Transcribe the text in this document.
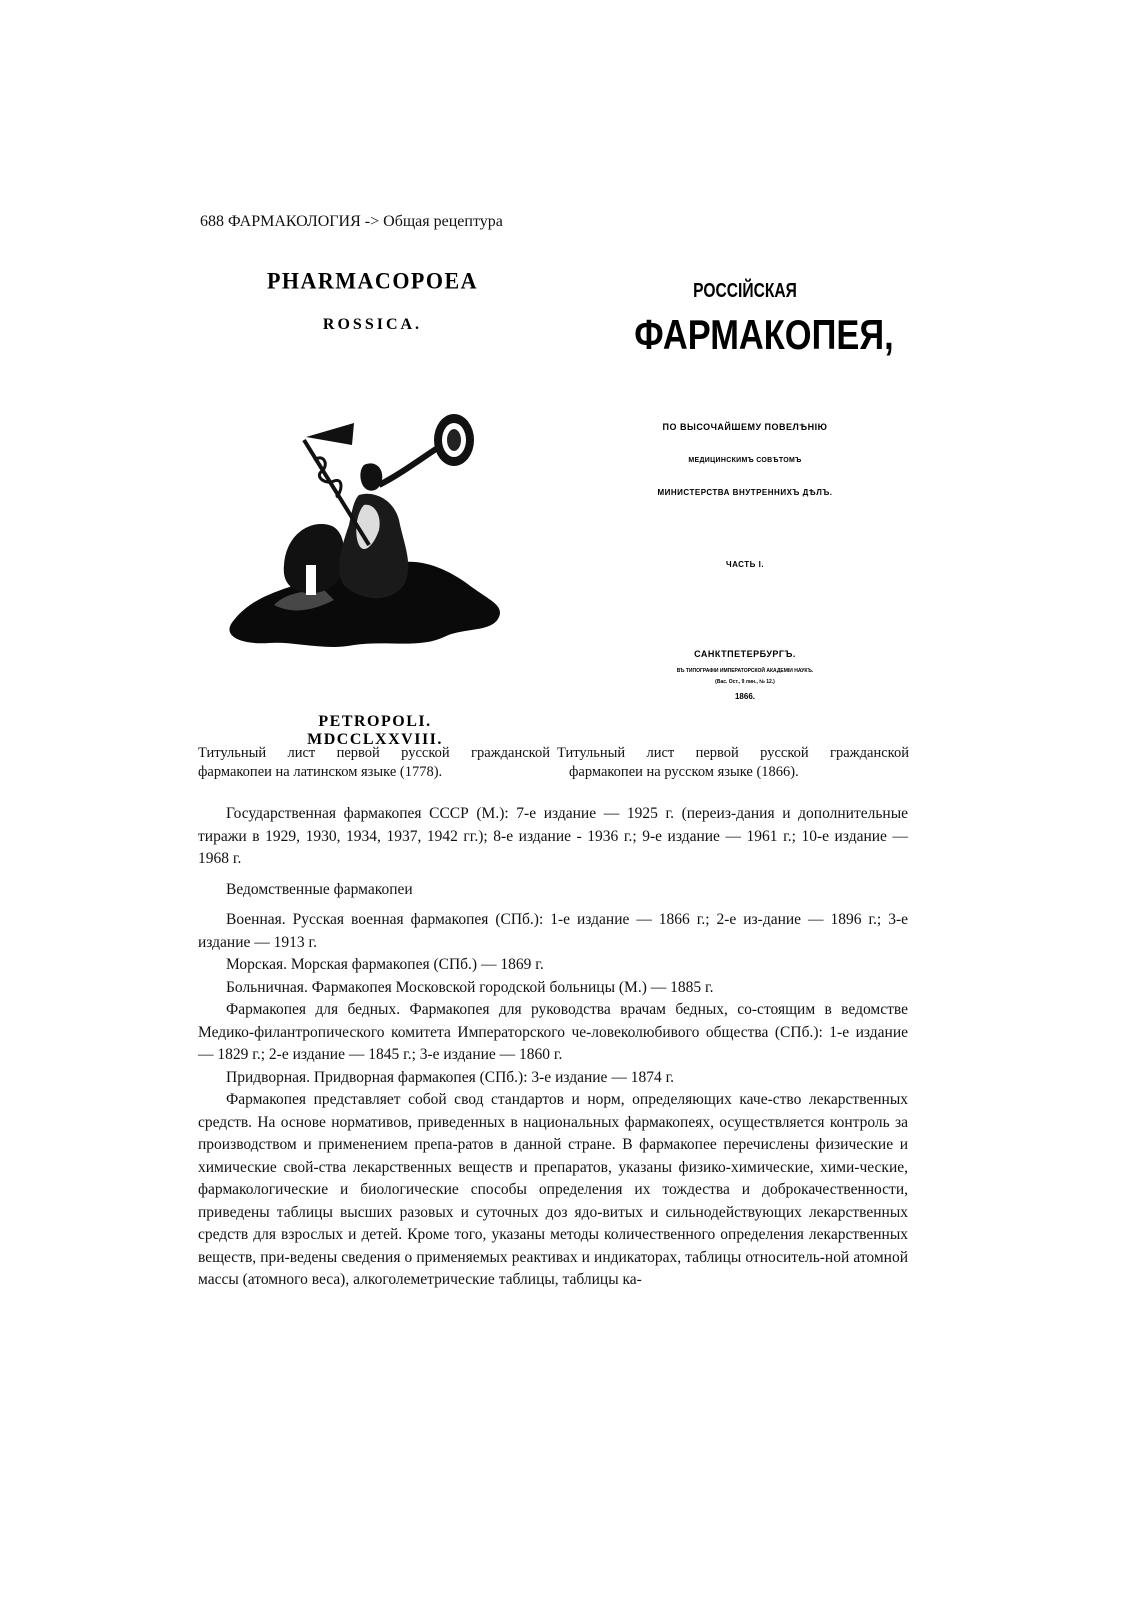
688 ФАРМАКОЛОГИЯ -> Общая рецептура
PHARMACOPOEA
ROSSICA.
PETROPOLI. MDCCLXXVIII.
РОССІЙСКАЯ
ФАРМАКОПЕЯ,
ПО ВЫСОЧАЙШЕМУ ПОВЕЛѢНІЮ
МЕДИЦИНСКИМЪ СОВѢТОМЪ
МИНИСТЕРСТВА ВНУТРЕННИХЪ ДѢЛЪ.
ЧАСТЬ I.
САНКТПЕТЕРБУРГЪ.
ВЪ ТИПОГРАФІИ ИМПЕРАТОРСКОЙ АКАДЕМІИ НАУКЪ.
(Вас. Ост., 9 лин., № 12.)
1866.
Титульный лист первой русской гражданской
фармакопеи на латинском языке (1778).
Титульный лист первой русской гражданской
фармакопеи на русском языке (1866).

Государственная фармакопея СССР (М.): 7-е издание — 1925 г. (переиз-дания и дополнительные тиражи в 1929, 1930, 1934, 1937, 1942 гг.); 8-е издание - 1936 г.; 9-е издание — 1961 г.; 10-е издание — 1968 г.

Ведомственные фармакопеи

Военная. Русская военная фармакопея (СПб.): 1-е издание — 1866 г.; 2-е из-дание — 1896 г.; 3-е издание — 1913 г.

Морская. Морская фармакопея (СПб.) — 1869 г.

Больничная. Фармакопея Московской городской больницы (М.) — 1885 г.

Фармакопея для бедных. Фармакопея для руководства врачам бедных, со-стоящим в ведомстве Медико-филантропического комитета Императорского че-ловеколюбивого общества (СПб.): 1-е издание — 1829 г.; 2-е издание — 1845 г.; 3-е издание — 1860 г.

Придворная. Придворная фармакопея (СПб.): 3-е издание — 1874 г.

Фармакопея представляет собой свод стандартов и норм, определяющих каче-ство лекарственных средств. На основе нормативов, приведенных в национальных фармакопеях, осуществляется контроль за производством и применением препа-ратов в данной стране. В фармакопее перечислены физические и химические свой-ства лекарственных веществ и препаратов, указаны физико-химические, хими-ческие, фармакологические и биологические способы определения их тождества и доброкачественности, приведены таблицы высших разовых и суточных доз ядо-витых и сильнодействующих лекарственных средств для взрослых и детей. Кроме того, указаны методы количественного определения лекарственных веществ, при-ведены сведения о применяемых реактивах и индикаторах, таблицы относитель-ной атомной массы (атомного веса), алкоголеметрические таблицы, таблицы ка-
